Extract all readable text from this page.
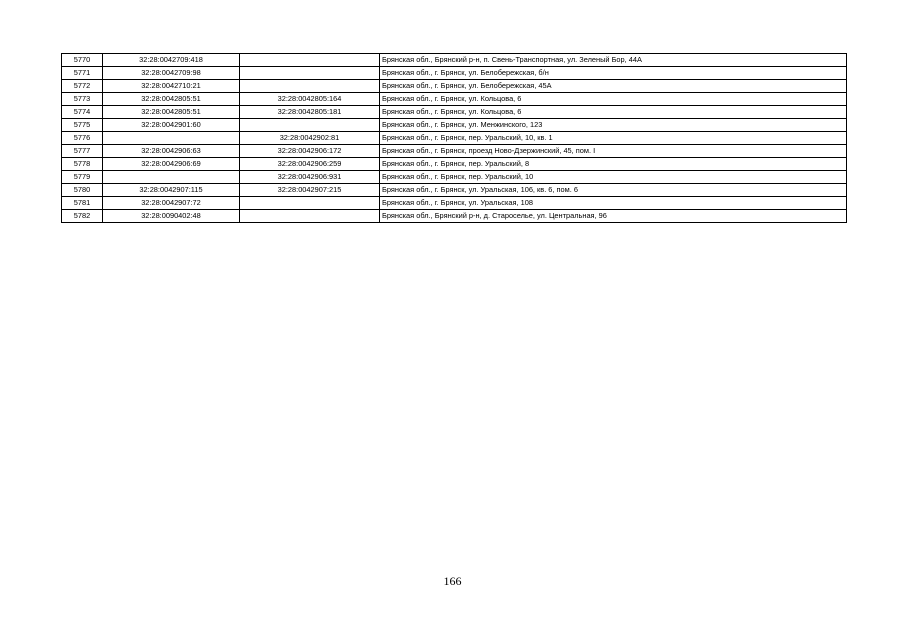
5770	32:28:0042709:418		Брянская обл., Брянский р-н, п. Свень-Транспортная, ул. Зеленый Бор, 44А
5771	32:28:0042709:98		Брянская обл., г. Брянск, ул. Белобережская, б/н
5772	32:28:0042710:21		Брянская обл., г. Брянск, ул. Белобережская, 45А
5773	32:28:0042805:51	32:28:0042805:164	Брянская обл., г. Брянск, ул. Кольцова, 6
5774	32:28:0042805:51	32:28:0042805:181	Брянская обл., г. Брянск, ул. Кольцова, 6
5775	32:28:0042901:60		Брянская обл., г. Брянск, ул. Менжинского, 123
5776		32:28:0042902:81	Брянская обл., г. Брянск, пер. Уральский, 10, кв. 1
5777	32:28:0042906:63	32:28:0042906:172	Брянская обл., г. Брянск, проезд Ново-Дзержинский, 45, пом. I
5778	32:28:0042906:69	32:28:0042906:259	Брянская обл., г. Брянск, пер. Уральский, 8
5779		32:28:0042906:931	Брянская обл., г. Брянск, пер. Уральский, 10
5780	32:28:0042907:115	32:28:0042907:215	Брянская обл., г. Брянск, ул. Уральская, 106, кв. 6, пом. 6
5781	32:28:0042907:72		Брянская обл., г. Брянск, ул. Уральская, 108
5782	32:28:0090402:48		Брянская обл., Брянский р-н, д. Староселье, ул. Центральная, 96
166
